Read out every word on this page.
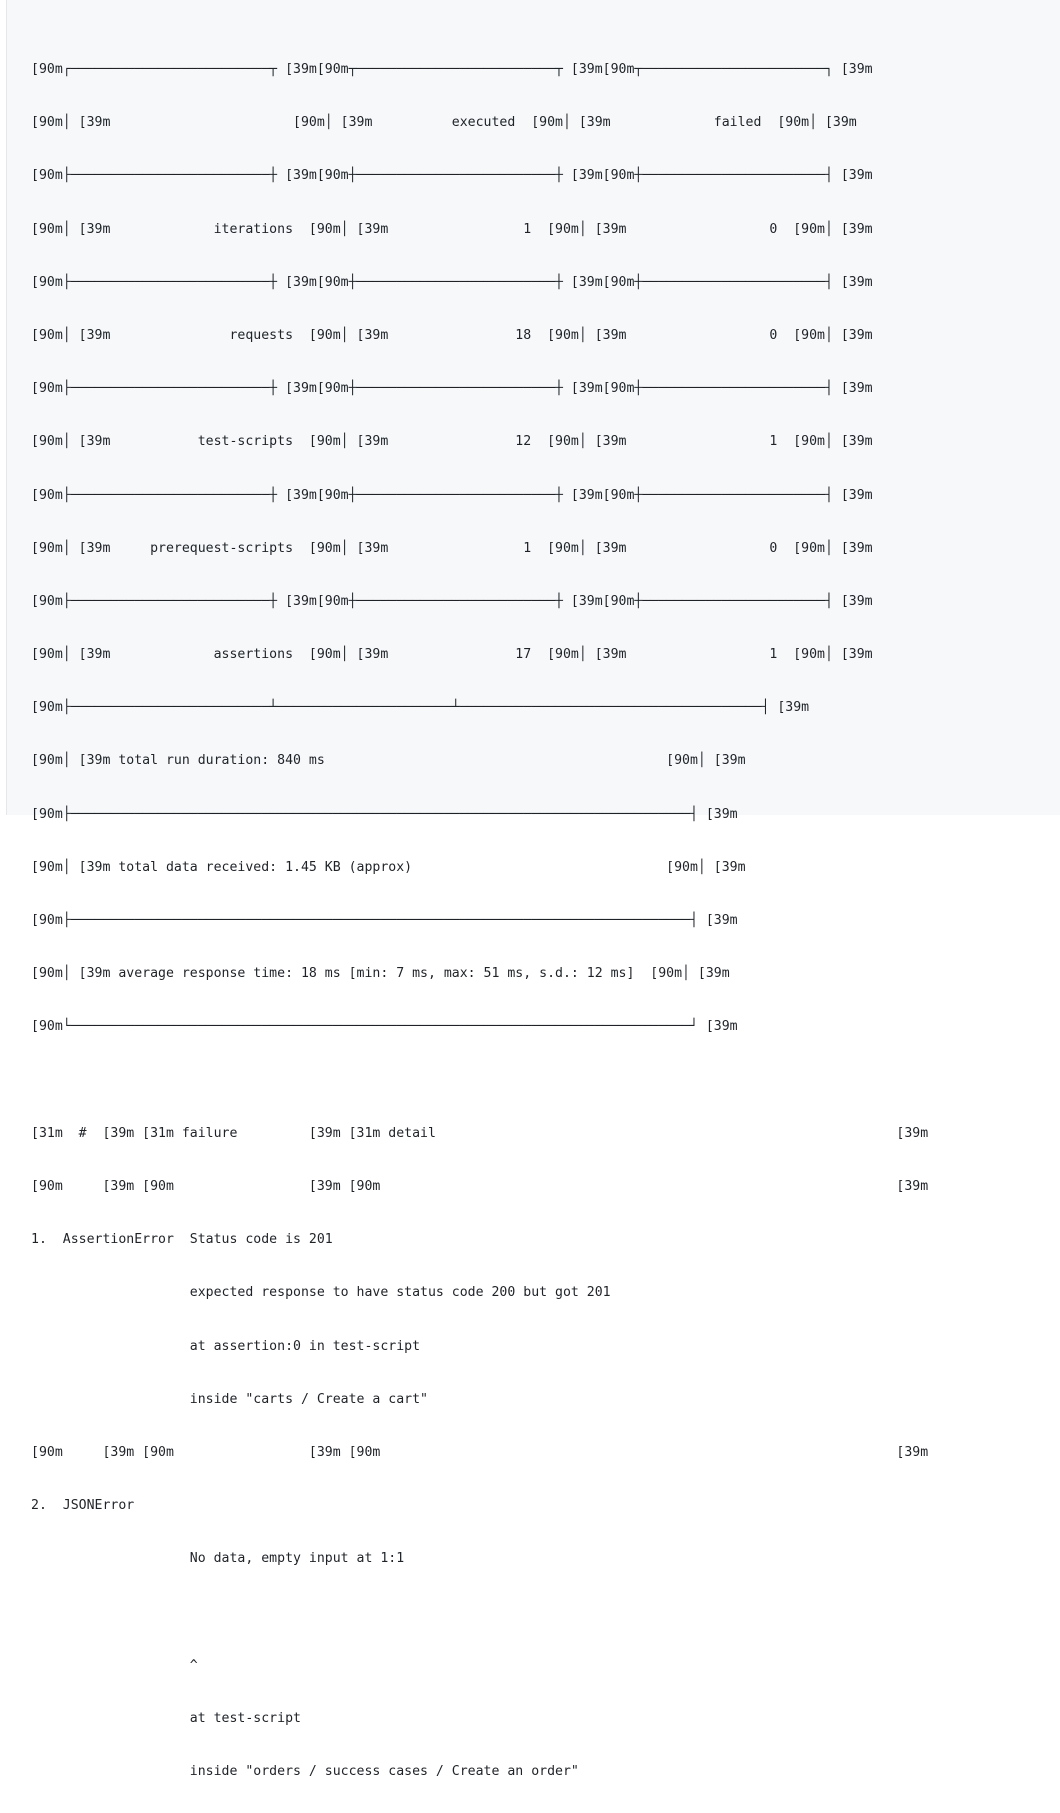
[90m┌─────────────────────────┬ [39m[90m┬─────────────────────────┬ [39m[90m┬───────────────────────┐ [39m

[90m│ [39m                       [90m│ [39m          executed  [90m│ [39m             failed  [90m│ [39m

[90m├─────────────────────────┼ [39m[90m┼─────────────────────────┼ [39m[90m┼───────────────────────┤ [39m

[90m│ [39m             iterations  [90m│ [39m                 1  [90m│ [39m                  0  [90m│ [39m

[90m├─────────────────────────┼ [39m[90m┼─────────────────────────┼ [39m[90m┼───────────────────────┤ [39m

[90m│ [39m               requests  [90m│ [39m                18  [90m│ [39m                  0  [90m│ [39m

[90m├─────────────────────────┼ [39m[90m┼─────────────────────────┼ [39m[90m┼───────────────────────┤ [39m

[90m│ [39m           test-scripts  [90m│ [39m                12  [90m│ [39m                  1  [90m│ [39m

[90m├─────────────────────────┼ [39m[90m┼─────────────────────────┼ [39m[90m┼───────────────────────┤ [39m

[90m│ [39m     prerequest-scripts  [90m│ [39m                 1  [90m│ [39m                  0  [90m│ [39m

[90m├─────────────────────────┼ [39m[90m┼─────────────────────────┼ [39m[90m┼───────────────────────┤ [39m

[90m│ [39m             assertions  [90m│ [39m                17  [90m│ [39m                  1  [90m│ [39m

[90m├─────────────────────────┴──────────────────────┴──────────────────────────────────────┤ [39m

[90m│ [39m total run duration: 840 ms                                           [90m│ [39m

[90m├──────────────────────────────────────────────────────────────────────────────┤ [39m

[90m│ [39m total data received: 1.45 KB (approx)                                [90m│ [39m

[90m├──────────────────────────────────────────────────────────────────────────────┤ [39m

[90m│ [39m average response time: 18 ms [min: 7 ms, max: 51 ms, s.d.: 12 ms]  [90m│ [39m

[90m└──────────────────────────────────────────────────────────────────────────────┘ [39m

[31m  #  [39m [31m failure         [39m [31m detail                                                          [39m

[90m     [39m [90m                 [39m [90m                                                                 [39m

1.  AssertionError  Status code is 201

expected response to have status code 200 but got 201

at assertion:0 in test-script

inside "carts / Create a cart"

[90m     [39m [90m                 [39m [90m                                                                 [39m

2.  JSONError

No data, empty input at 1:1

^

at test-script

inside "orders / success cases / Create an order"
